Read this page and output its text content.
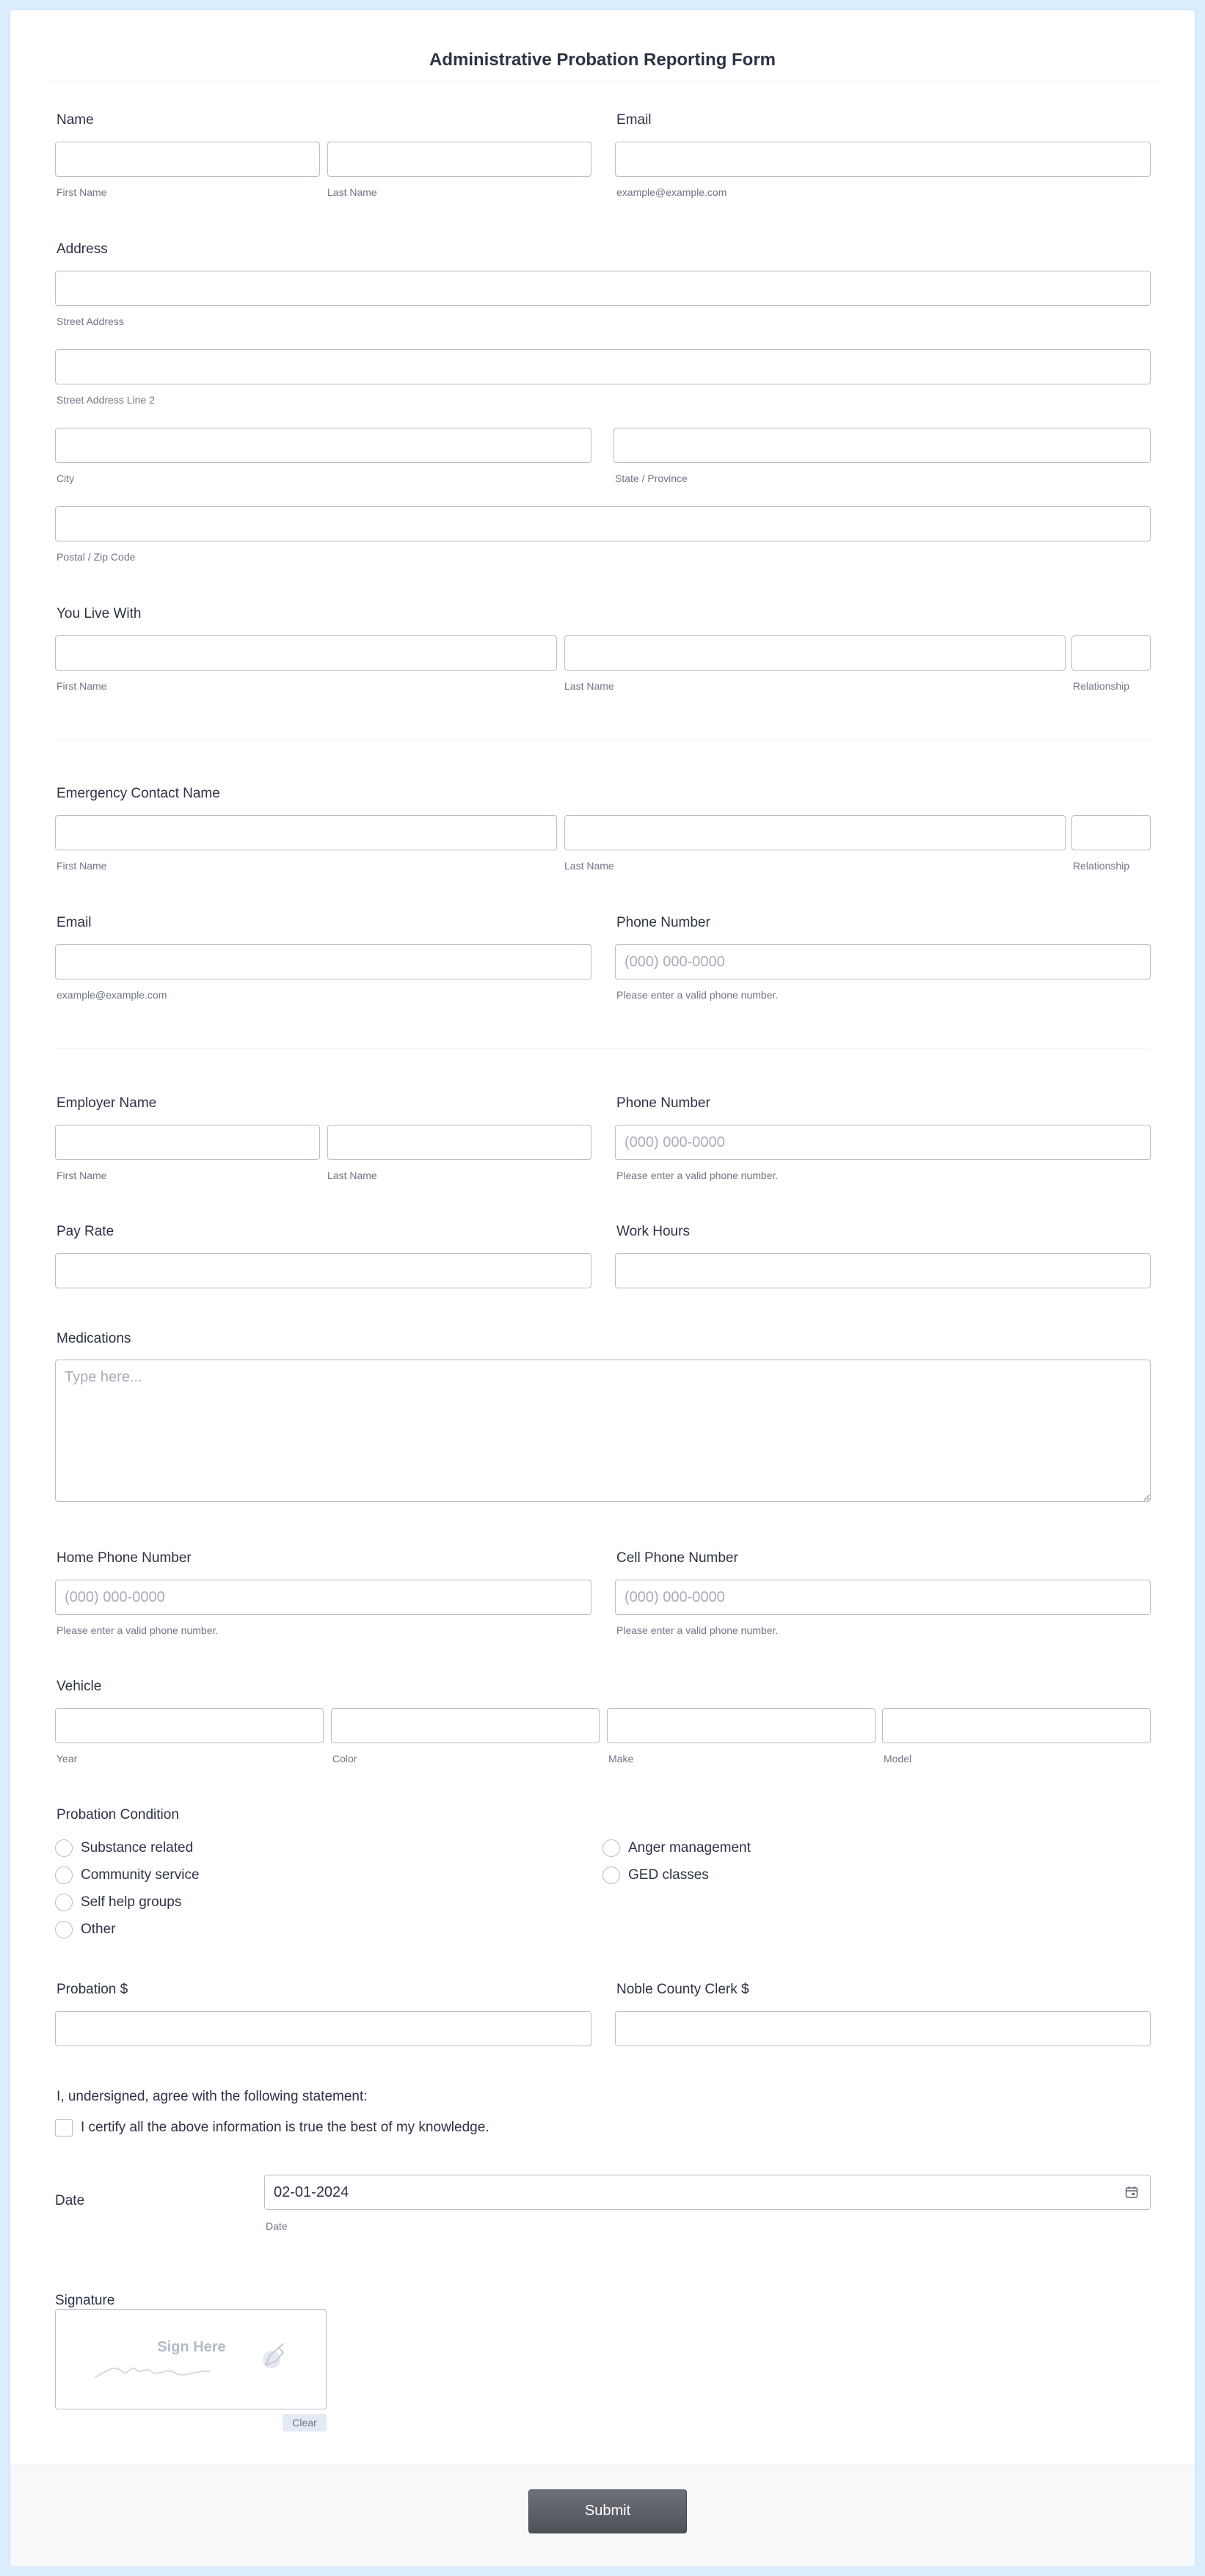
Administrative Probation Reporting Form
Name
First Name	Last Name
Email
example@example.com
Address
Street Address
Street Address Line 2
City	State / Province
Postal / Zip Code
You Live With
First Name	Last Name	Relationship
Emergency Contact Name
First Name	Last Name	Relationship
Email
example@example.com
Phone Number
(000) 000-0000
Please enter a valid phone number.
Employer Name
First Name	Last Name
Phone Number
(000) 000-0000
Please enter a valid phone number.
Pay Rate	Work Hours
Medications
Type here...
Home Phone Number
(000) 000-0000
Please enter a valid phone number.
Cell Phone Number
(000) 000-0000
Please enter a valid phone number.
Vehicle
Year	Color	Make	Model
Probation Condition
Substance related
Community service
Self help groups
Other
Anger management
GED classes
Probation $	Noble County Clerk $
I, undersigned, agree with the following statement:
I certify all the above information is true the best of my knowledge.
Date
02-01-2024
Date
Signature
Sign Here
Clear
Submit
